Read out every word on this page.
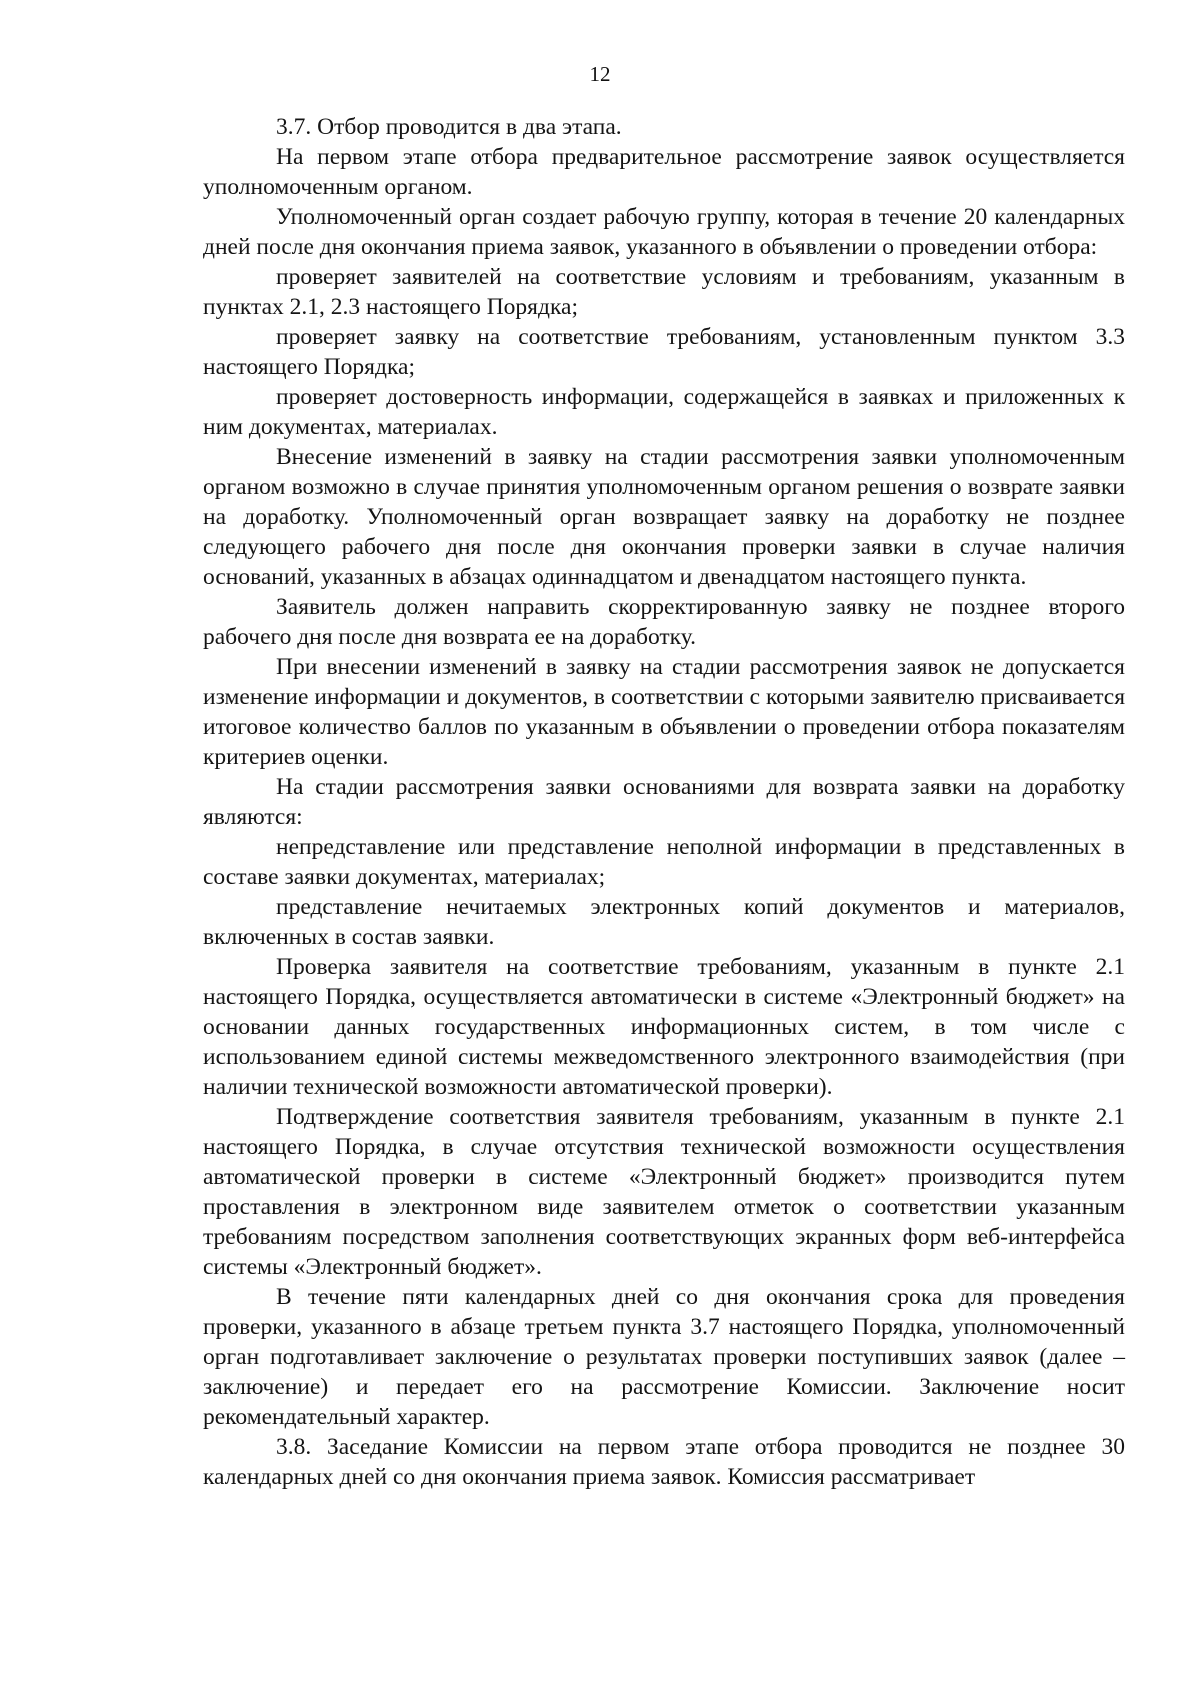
12

3.7. Отбор проводится в два этапа.

На первом этапе отбора предварительное рассмотрение заявок осуществляется уполномоченным органом.

Уполномоченный орган создает рабочую группу, которая в течение 20 календарных дней после дня окончания приема заявок, указанного в объявлении о проведении отбора:

проверяет заявителей на соответствие условиям и требованиям, указанным в пунктах 2.1, 2.3 настоящего Порядка;

проверяет заявку на соответствие требованиям, установленным пунктом 3.3 настоящего Порядка;

проверяет достоверность информации, содержащейся в заявках и приложенных к ним документах, материалах.

Внесение изменений в заявку на стадии рассмотрения заявки уполномоченным органом возможно в случае принятия уполномоченным органом решения о возврате заявки на доработку. Уполномоченный орган возвращает заявку на доработку не позднее следующего рабочего дня после дня окончания проверки заявки в случае наличия оснований, указанных в абзацах одиннадцатом и двенадцатом настоящего пункта.

Заявитель должен направить скорректированную заявку не позднее второго рабочего дня после дня возврата ее на доработку.

При внесении изменений в заявку на стадии рассмотрения заявок не допускается изменение информации и документов, в соответствии с которыми заявителю присваивается итоговое количество баллов по указанным в объявлении о проведении отбора показателям критериев оценки.

На стадии рассмотрения заявки основаниями для возврата заявки на доработку являются:

непредставление или представление неполной информации в представленных в составе заявки документах, материалах;

представление нечитаемых электронных копий документов и материалов, включенных в состав заявки.

Проверка заявителя на соответствие требованиям, указанным в пункте 2.1 настоящего Порядка, осуществляется автоматически в системе «Электронный бюджет» на основании данных государственных информационных систем, в том числе с использованием единой системы межведомственного электронного взаимодействия (при наличии технической возможности автоматической проверки).

Подтверждение соответствия заявителя требованиям, указанным в пункте 2.1 настоящего Порядка, в случае отсутствия технической возможности осуществления автоматической проверки в системе «Электронный бюджет» производится путем проставления в электронном виде заявителем отметок о соответствии указанным требованиям посредством заполнения соответствующих экранных форм веб-интерфейса системы «Электронный бюджет».

В течение пяти календарных дней со дня окончания срока для проведения проверки, указанного в абзаце третьем пункта 3.7 настоящего Порядка, уполномоченный орган подготавливает заключение о результатах проверки поступивших заявок (далее – заключение) и передает его на рассмотрение Комиссии. Заключение носит рекомендательный характер.

3.8. Заседание Комиссии на первом этапе отбора проводится не позднее 30 календарных дней со дня окончания приема заявок. Комиссия рассматривает
